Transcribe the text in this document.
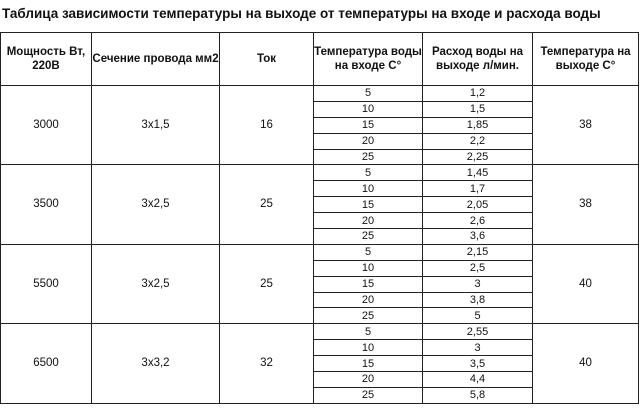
Таблица зависимости температуры на выходе от температуры на входе и расхода воды
Мощность Вт, 220В	Сечение провода мм2	Ток	Температура воды на входе С°	Расход воды на выходе л/мин.	Температура на выходе С°
3000	3х1,5	16	5	1,2	38
			10	1,5	
			15	1,85	
			20	2,2	
			25	2,25	
3500	3х2,5	25	5	1,45	38
			10	1,7	
			15	2,05	
			20	2,6	
			25	3,6	
5500	3х2,5	25	5	2,15	40
			10	2,5	
			15	3	
			20	3,8	
			25	5	
6500	3х3,2	32	5	2,55	40
			10	3	
			15	3,5	
			20	4,4	
			25	5,8	
